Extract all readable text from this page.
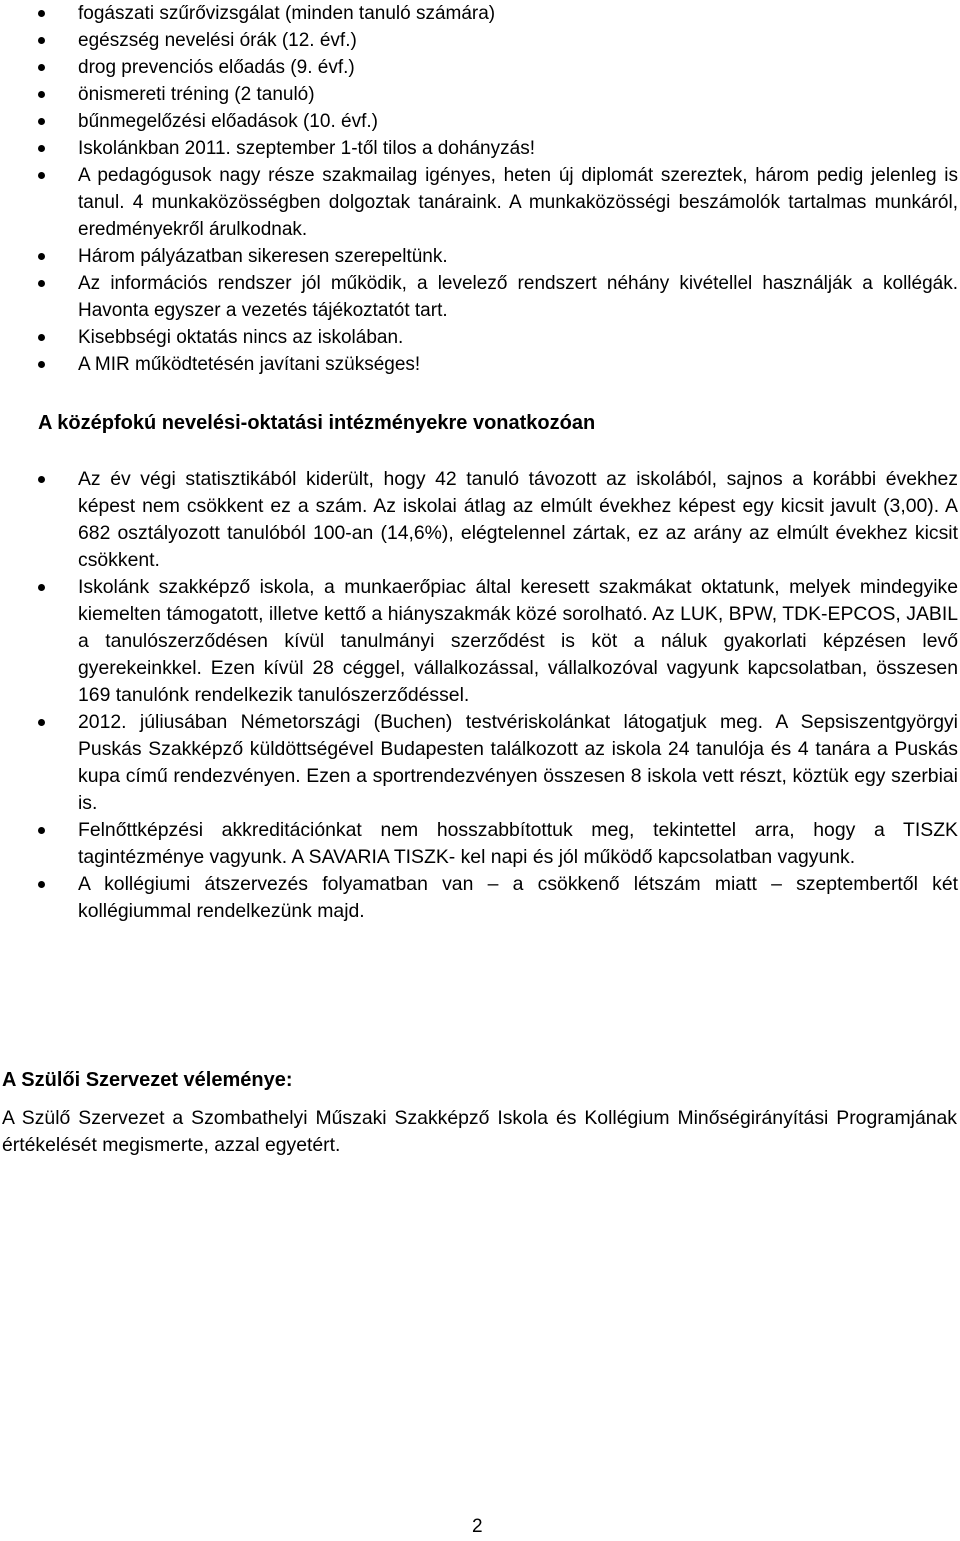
fogászati szűrővizsgálat (minden tanuló számára)
egészség nevelési órák (12. évf.)
drog prevenciós előadás (9. évf.)
önismereti tréning (2 tanuló)
bűnmegelőzési előadások (10. évf.)
Iskolánkban 2011. szeptember 1-től tilos a dohányzás!
A pedagógusok nagy része szakmailag igényes, heten új diplomát szereztek, három pedig jelenleg is tanul. 4 munkaközösségben dolgoztak tanáraink. A munkaközösségi beszámolók tartalmas munkáról, eredményekről árulkodnak.
Három pályázatban sikeresen szerepeltünk.
Az információs rendszer jól működik, a levelező rendszert néhány kivétellel használják a kollégák. Havonta egyszer a vezetés tájékoztatót tart.
Kisebbségi oktatás nincs az iskolában.
A MIR működtetésén javítani szükséges!
A középfokú nevelési-oktatási intézményekre vonatkozóan
Az év végi statisztikából kiderült, hogy 42 tanuló távozott az iskolából, sajnos a korábbi évekhez képest nem csökkent ez a szám. Az iskolai átlag az elmúlt évekhez képest egy kicsit javult (3,00). A 682 osztályozott tanulóból 100-an (14,6%), elégtelennel zártak, ez az arány az elmúlt évekhez kicsit csökkent.
Iskolánk szakképző iskola, a munkaerőpiac által keresett szakmákat oktatunk, melyek mindegyike kiemelten támogatott, illetve kettő a hiányszakmák közé sorolható. Az LUK, BPW, TDK-EPCOS, JABIL a tanulószerződésen kívül tanulmányi szerződést is köt a náluk gyakorlati képzésen levő gyerekeinkkel. Ezen kívül 28 céggel, vállalkozással, vállalkozóval vagyunk kapcsolatban, összesen 169 tanulónk rendelkezik tanulószerződéssel.
2012. júliusában Németországi (Buchen) testvériskolánkat látogatjuk meg. A Sepsiszentgyörgyi Puskás Szakképző küldöttségével Budapesten találkozott az iskola 24 tanulója és 4 tanára a Puskás kupa című rendezvényen. Ezen a sportrendezvényen összesen 8 iskola vett részt, köztük egy szerbiai is.
Felnőttképzési akkreditációnkat nem hosszabbítottuk meg, tekintettel arra, hogy a TISZK tagintézménye vagyunk. A SAVARIA TISZK- kel napi és jól működő kapcsolatban vagyunk.
A kollégiumi átszervezés folyamatban van – a csökkenő létszám miatt – szeptembertől két kollégiummal rendelkezünk majd.
A Szülői Szervezet véleménye:
A Szülő Szervezet a Szombathelyi Műszaki Szakképző Iskola és Kollégium Minőségirányítási Programjának értékelését megismerte, azzal egyetért.
2
